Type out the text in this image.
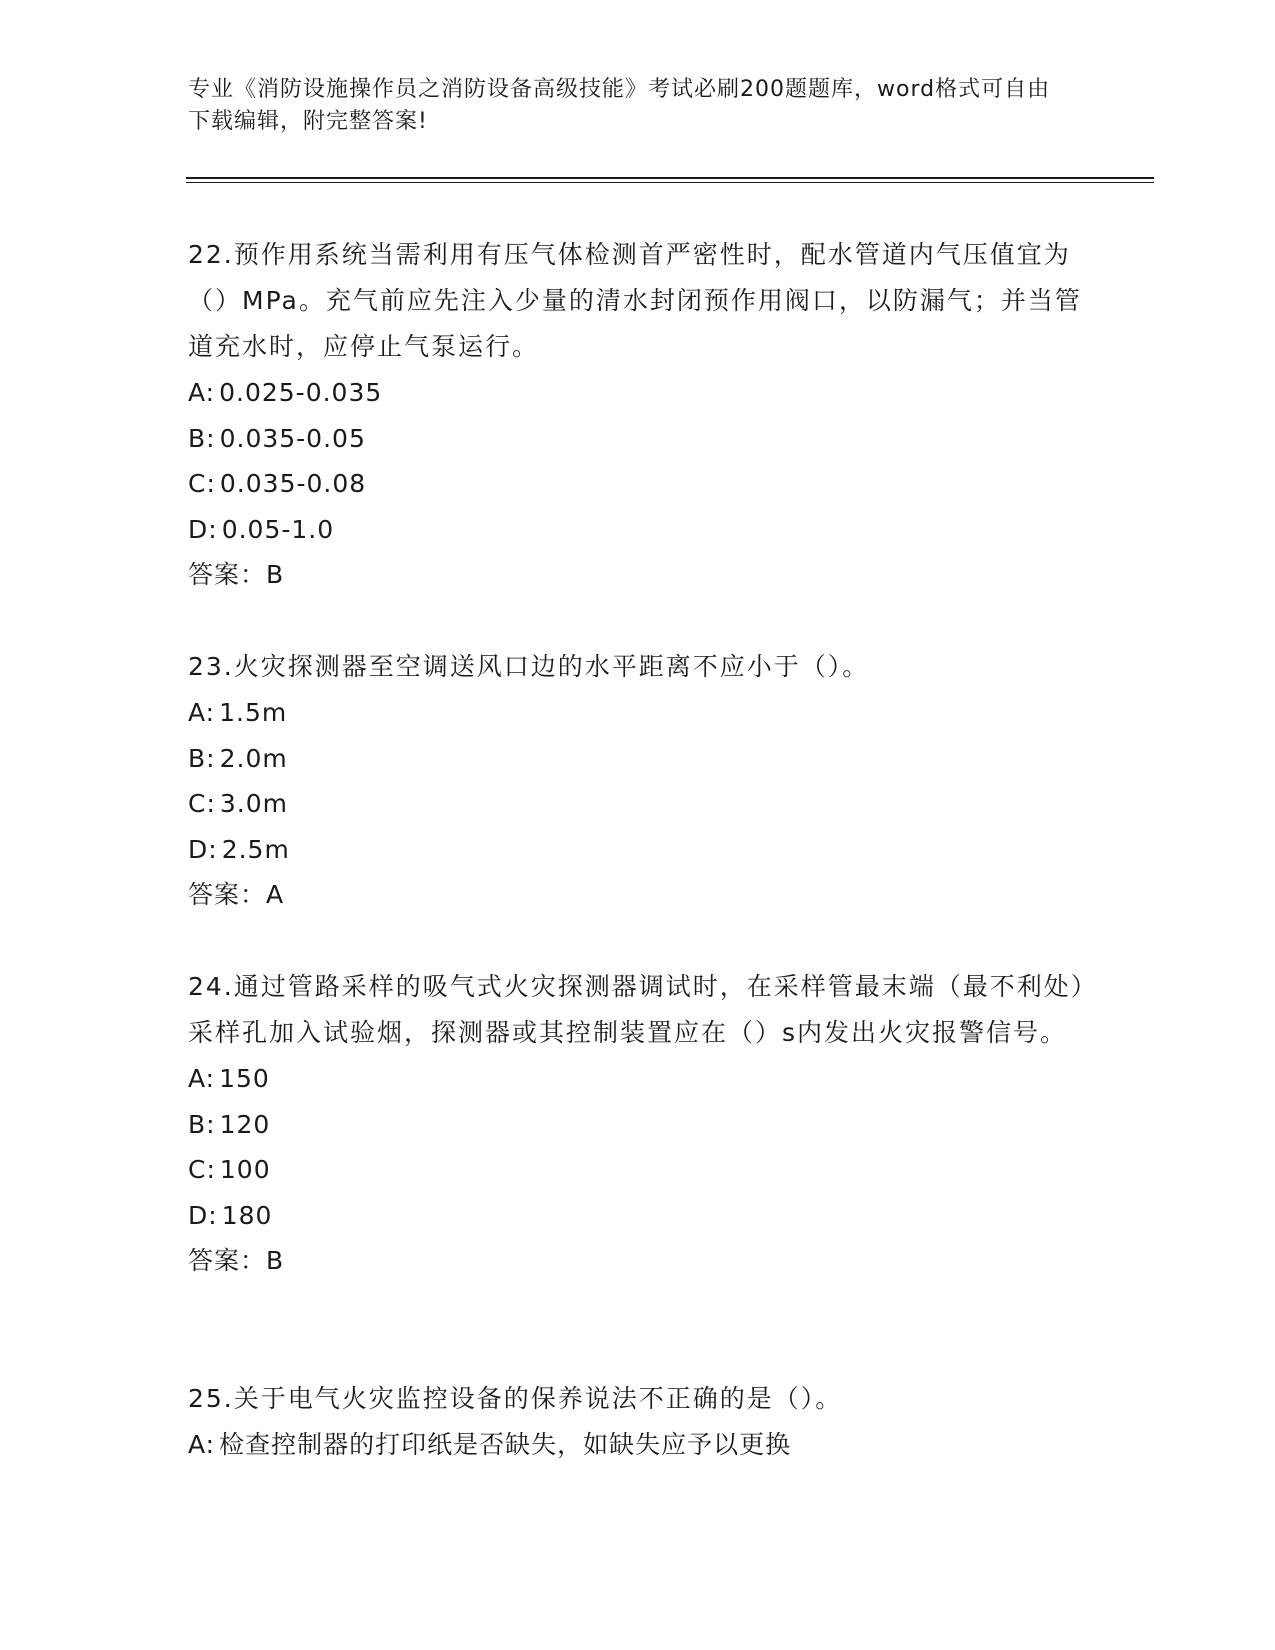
专业《消防设施操作员之消防设备高级技能》考试必刷200题题库，word格式可自由下载编辑，附完整答案!

22.预作用系统当需利用有压气体检测首严密性时，配水管道内气压值宜为（）MPa。充气前应先注入少量的清水封闭预作用阀口，以防漏气；并当管道充水时，应停止气泵运行。

A: 0.025-0.035
B: 0.035-0.05
C: 0.035-0.08
D: 0.05-1.0
答案：B

23.火灾探测器至空调送风口边的水平距离不应小于（）。

A: 1.5m
B: 2.0m
C: 3.0m
D: 2.5m
答案：A

24.通过管路采样的吸气式火灾探测器调试时，在采样管最末端（最不利处）采样孔加入试验烟，探测器或其控制装置应在（）s内发出火灾报警信号。

A: 150
B: 120
C: 100
D: 180
答案：B

25.关于电气火灾监控设备的保养说法不正确的是（）。

A: 检查控制器的打印纸是否缺失，如缺失应予以更换
